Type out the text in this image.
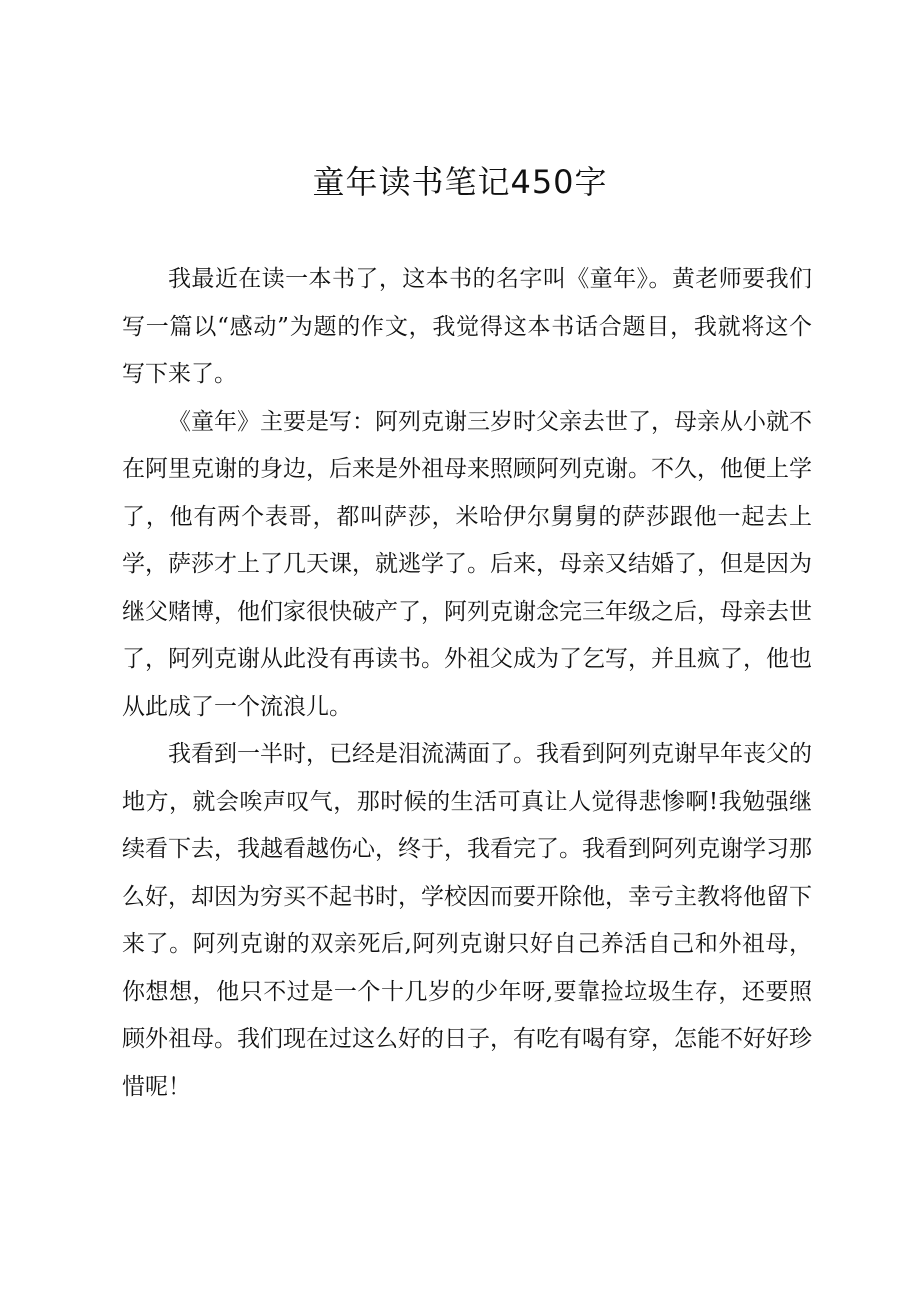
童年读书笔记450字

我最近在读一本书了，这本书的名字叫《童年》。黄老师要我们写一篇以“感动”为题的作文，我觉得这本书话合题目，我就将这个写下来了。

《童年》主要是写：阿列克谢三岁时父亲去世了，母亲从小就不在阿里克谢的身边，后来是外祖母来照顾阿列克谢。不久，他便上学了，他有两个表哥，都叫萨莎，米哈伊尔舅舅的萨莎跟他一起去上学，萨莎才上了几天课，就逃学了。后来，母亲又结婚了，但是因为继父赌博，他们家很快破产了，阿列克谢念完三年级之后，母亲去世了，阿列克谢从此没有再读书。外祖父成为了乞写，并且疯了，他也从此成了一个流浪儿。

我看到一半时，已经是泪流满面了。我看到阿列克谢早年丧父的地方，就会唉声叹气，那时候的生活可真让人觉得悲惨啊!我勉强继续看下去，我越看越伤心，终于，我看完了。我看到阿列克谢学习那么好，却因为穷买不起书时，学校因而要开除他，幸亏主教将他留下来了。阿列克谢的双亲死后,阿列克谢只好自己养活自己和外祖母，你想想，他只不过是一个十几岁的少年呀,要靠捡垃圾生存，还要照顾外祖母。我们现在过这么好的日子，有吃有喝有穿，怎能不好好珍惜呢！
